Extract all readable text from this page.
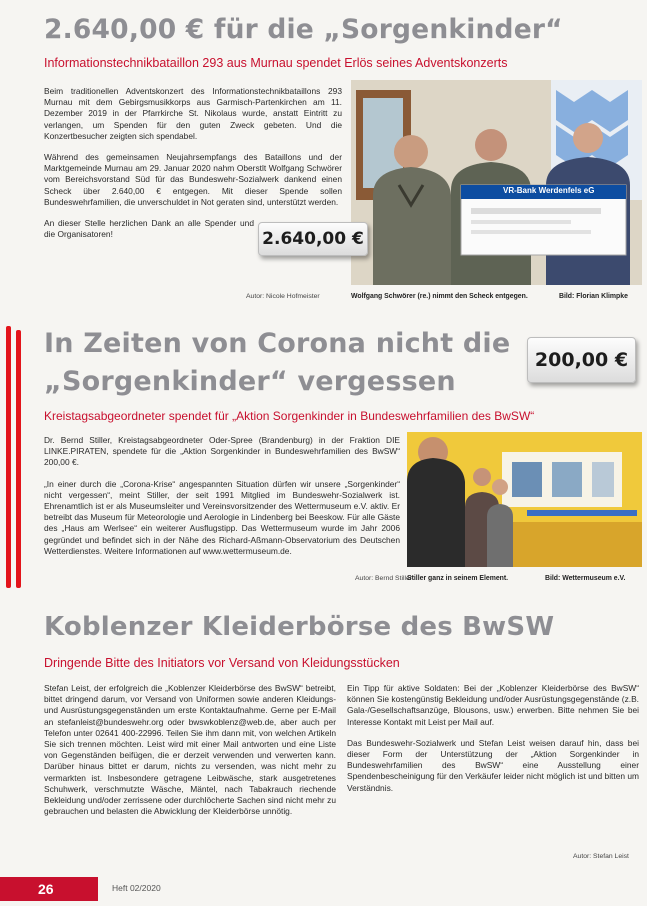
2.640,00 € für die „Sorgenkinder“
Informationstechnikbataillon 293 aus Murnau spendet Erlös seines Adventskonzerts

Beim traditionellen Adventskonzert des Informationstechnikbataillons 293 Murnau mit dem Gebirgsmusikkorps aus Garmisch-Partenkirchen am 11. Dezember 2019 in der Pfarrkirche St. Nikolaus wurde, anstatt Eintritt zu verlangen, um Spenden für den guten Zweck gebeten. Und die Konzertbesucher zeigten sich spendabel.

Während des gemeinsamen Neujahrsempfangs des Bataillons und der Marktgemeinde Murnau am 29. Januar 2020 nahm Oberstlt Wolfgang Schwörer vom Bereichsvorstand Süd für das Bundeswehr-Sozialwerk dankend einen Scheck über 2.640,00 € entgegen. Mit dieser Spende sollen Bundeswehrfamilien, die unverschuldet in Not geraten sind, unterstützt werden.

An dieser Stelle herzlichen Dank an alle Spender und die Organisatoren!

VR-Bank Werdenfels eG
2.640,00 €
Autor: Nicole Hofmeister	Wolfgang Schwörer (re.) nimmt den Scheck entgegen.	Bild: Florian Klimpke
In Zeiten von Corona nicht die
„Sorgenkinder“ vergessen
200,00 €
Kreistagsabgeordneter spendet für „Aktion Sorgenkinder in Bundeswehrfamilien des BwSW“

Dr. Bernd Stiller, Kreistagsabgeordneter Oder-Spree (Brandenburg) in der Fraktion DIE LINKE.PIRATEN, spendete für die „Aktion Sorgenkinder in Bundeswehrfamilien des BwSW“ 200,00 €.

„In einer durch die „Corona-Krise“ angespannten Situation dürfen wir unsere „Sorgenkinder“ nicht vergessen“, meint Stiller, der seit 1991 Mitglied im Bundeswehr-Sozialwerk ist. Ehrenamtlich ist er als Museumsleiter und Vereinsvorsitzender des Wettermuseum e.V. aktiv. Er betreibt das Museum für Meteorologie und Aerologie in Lindenberg bei Beeskow. Für alle Gäste des „Haus am Werlsee“ ein weiterer Ausflugstipp. Das Wettermuseum wurde im Jahr 2006 gegründet und befindet sich in der Nähe des Richard-Aßmann-Observatorium des Deutschen Wetterdienstes. Weitere Informationen auf www.wettermuseum.de.

Autor: Bernd Stiller
Stiller ganz in seinem Element.	Bild: Wettermuseum e.V.
Koblenzer Kleiderbörse des BwSW
Dringende Bitte des Initiators vor Versand von Kleidungsstücken

Stefan Leist, der erfolgreich die „Koblenzer Kleiderbörse des BwSW“ betreibt, bittet dringend darum, vor Versand von Uniformen sowie anderen Kleidungs- und Ausrüstungsgegenständen um erste Kontaktaufnahme. Gerne per E-Mail an stefanleist@bundeswehr.org oder bwswkoblenz@web.de, aber auch per Telefon unter 02641 400-22996. Teilen Sie ihm dann mit, von welchen Artikeln Sie sich trennen möchten. Leist wird mit einer Mail antworten und eine Liste von Gegenständen beifügen, die er derzeit verwenden und verwerten kann. Darüber hinaus bittet er darum, nichts zu versenden, was nicht mehr zu vermarkten ist. Insbesondere getragene Leibwäsche, stark ausgetretenes Schuhwerk, verschmutzte Wäsche, Mäntel, nach Tabakrauch riechende Bekleidung und/oder zerrissene oder durchlöcherte Sachen sind nicht mehr zu gebrauchen und belasten die Abwicklung der Kleiderbörse unnötig.

Ein Tipp für aktive Soldaten: Bei der „Koblenzer Kleiderbörse des BwSW“ können Sie kostengünstig Bekleidung und/oder Ausrüstungsgegenstände (z.B. Gala-/Gesellschaftsanzüge, Blousons, usw.) erwerben. Bitte nehmen Sie bei Interesse Kontakt mit Leist per Mail auf.

Das Bundeswehr-Sozialwerk und Stefan Leist weisen darauf hin, dass bei dieser Form der Unterstützung der „Aktion Sorgenkinder in Bundeswehrfamilien des BwSW“ eine Ausstellung einer Spendenbescheinigung für den Verkäufer leider nicht möglich ist und bitten um Verständnis.

Autor: Stefan Leist
26	Heft 02/2020
